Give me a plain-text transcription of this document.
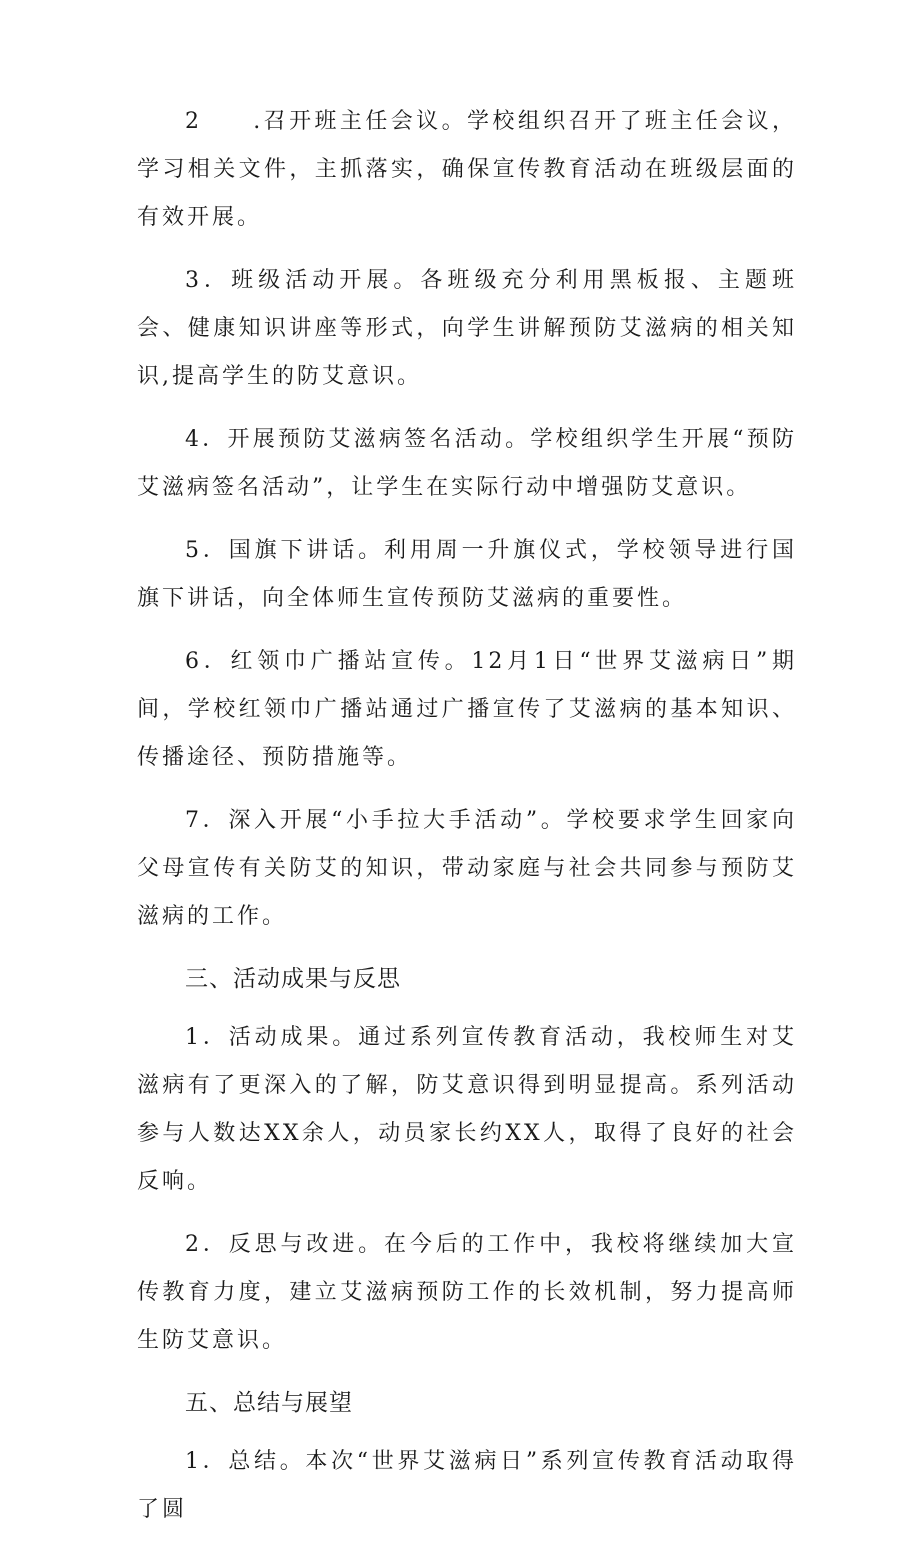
2　　.召开班主任会议。学校组织召开了班主任会议，学习相关文件，主抓落实，确保宣传教育活动在班级层面的有效开展。

3．班级活动开展。各班级充分利用黑板报、主题班会、健康知识讲座等形式，向学生讲解预防艾滋病的相关知识,提高学生的防艾意识。

4．开展预防艾滋病签名活动。学校组织学生开展“预防艾滋病签名活动”，让学生在实际行动中增强防艾意识。

5．国旗下讲话。利用周一升旗仪式，学校领导进行国旗下讲话，向全体师生宣传预防艾滋病的重要性。

6．红领巾广播站宣传。12月1日“世界艾滋病日”期间，学校红领巾广播站通过广播宣传了艾滋病的基本知识、传播途径、预防措施等。

7．深入开展“小手拉大手活动”。学校要求学生回家向父母宣传有关防艾的知识，带动家庭与社会共同参与预防艾滋病的工作。

三、活动成果与反思

1．活动成果。通过系列宣传教育活动，我校师生对艾滋病有了更深入的了解，防艾意识得到明显提高。系列活动参与人数达XX余人，动员家长约XX人，取得了良好的社会反响。

2．反思与改进。在今后的工作中，我校将继续加大宣传教育力度，建立艾滋病预防工作的长效机制，努力提高师生防艾意识。

五、总结与展望

1．总结。本次“世界艾滋病日”系列宣传教育活动取得了圆
